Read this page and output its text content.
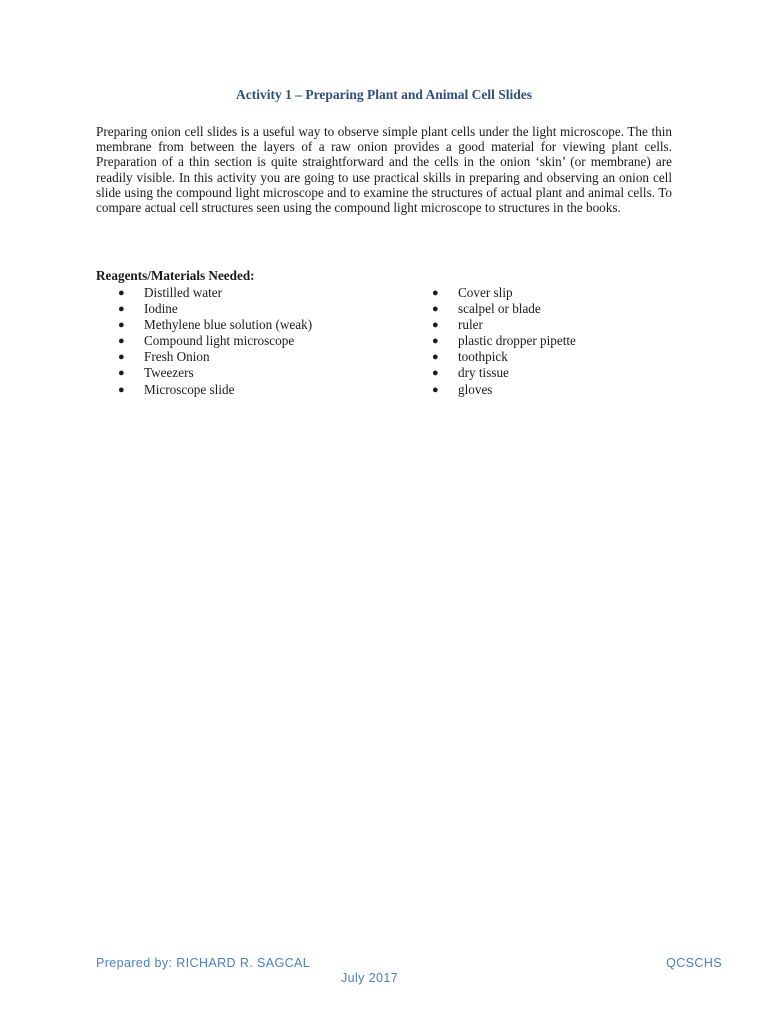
Activity 1 – Preparing Plant and Animal Cell Slides

Preparing onion cell slides is a useful way to observe simple plant cells under the light microscope. The thin membrane from between the layers of a raw onion provides a good material for viewing plant cells. Preparation of a thin section is quite straightforward and the cells in the onion ‘skin’ (or membrane) are readily visible. In this activity you are going to use practical skills in preparing and observing an onion cell slide using the compound light microscope and to examine the structures of actual plant and animal cells. To compare actual cell structures seen using the compound light microscope to structures in the books.

Reagents/Materials Needed:

● Distilled water
● Iodine
● Methylene blue solution (weak)
● Compound light microscope
● Fresh Onion
● Tweezers
● Microscope slide
● Cover slip
● scalpel or blade
● ruler
● plastic dropper pipette
● toothpick
● dry tissue
● gloves
Prepared by: RICHARD R. SAGCAL	QCSCHS
July 2017
